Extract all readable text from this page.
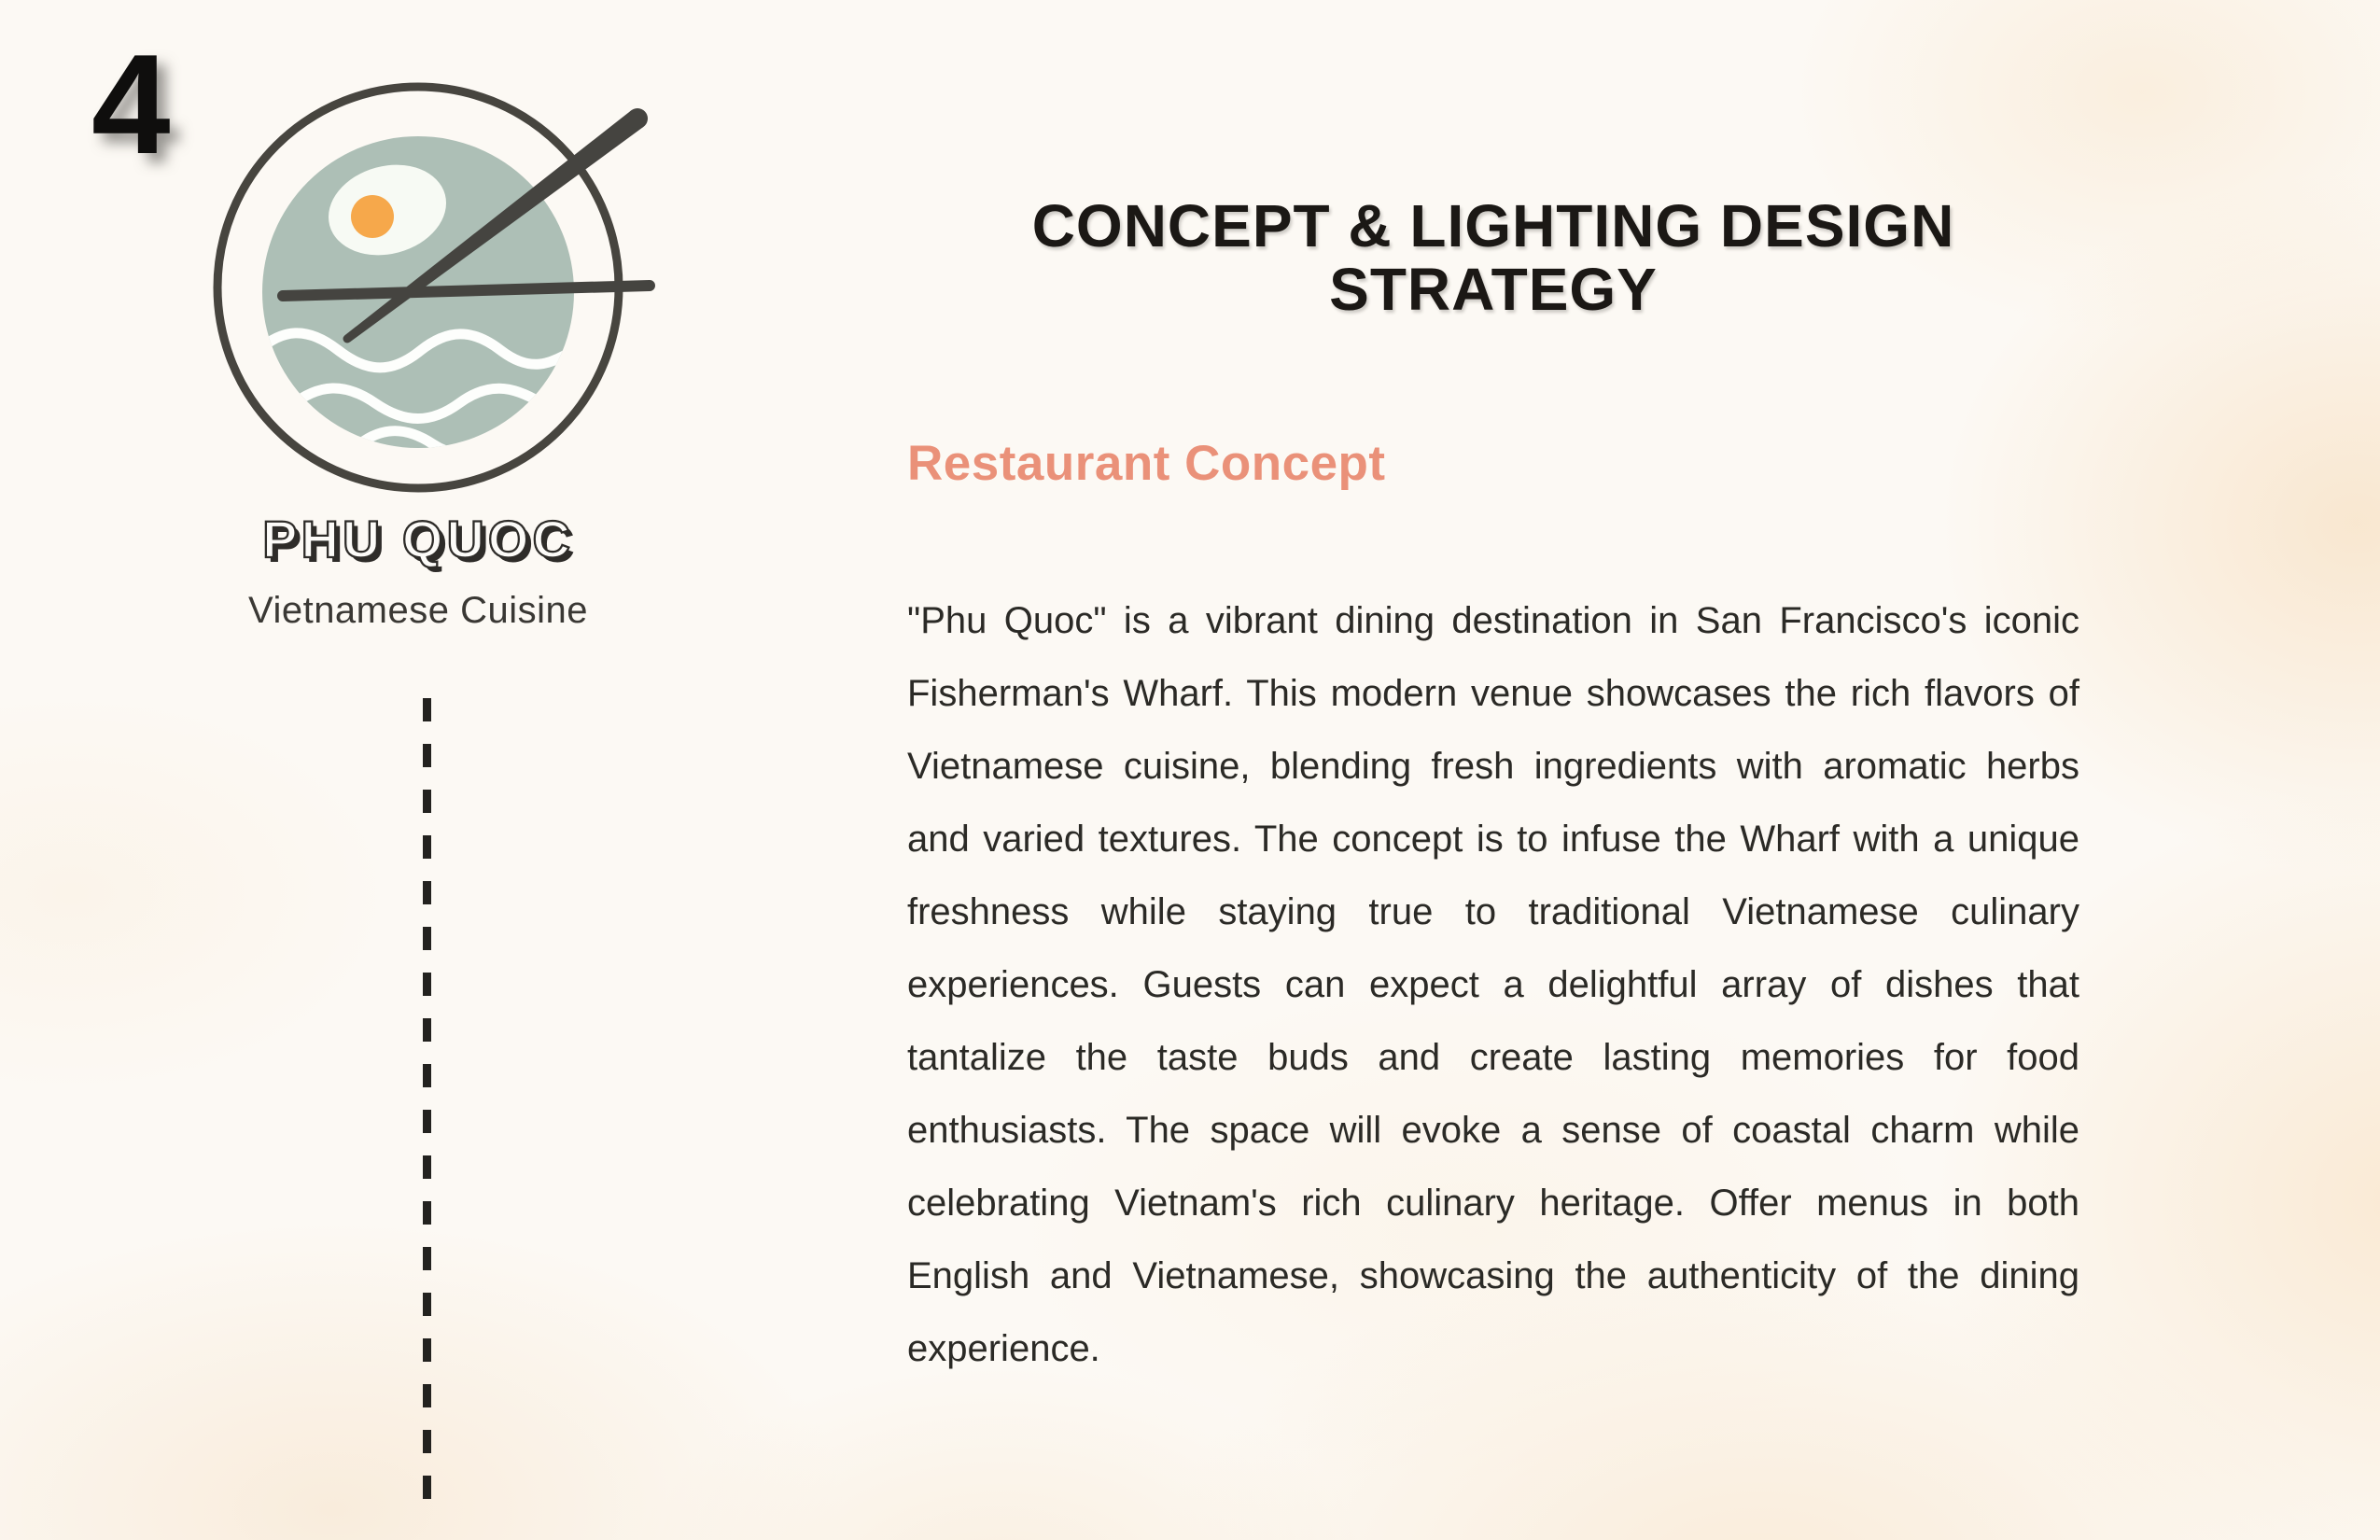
4
PHU QUOC
Vietnamese Cuisine
CONCEPT & LIGHTING DESIGN STRATEGY
Restaurant Concept

"Phu Quoc" is a vibrant dining destination in San Francisco's iconic Fisherman's Wharf. This modern venue showcases the rich flavors of Vietnamese cuisine, blending fresh ingredients with aromatic herbs and varied textures. The concept is to infuse the Wharf with a unique freshness while staying true to traditional Vietnamese culinary experiences. Guests can expect a delightful array of dishes that tantalize the taste buds and create lasting memories for food enthusiasts. The space will evoke a sense of coastal charm while celebrating Vietnam's rich culinary heritage. Offer menus in both English and Vietnamese, showcasing the authenticity of the dining experience.
